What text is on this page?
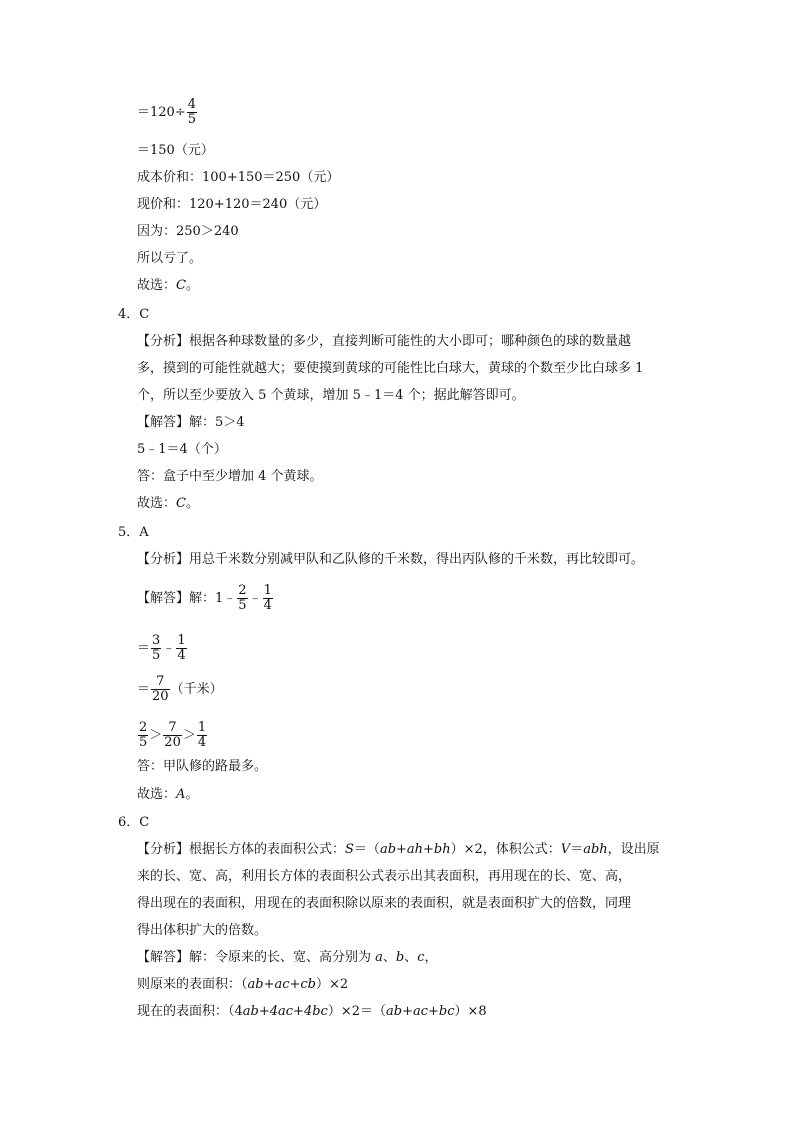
$=120\div \frac{4}{5}$
＝150（元）
成本价和：100+150＝250（元）
现价和：120+120＝240（元）
因为：250＞240
所以亏了。
故选：C。
4．C
【分析】根据各种球数量的多少，直接判断可能性的大小即可；哪种颜色的球的数量越
多，摸到的可能性就越大；要使摸到黄球的可能性比白球大，黄球的个数至少比白球多 1
个，所以至少要放入 5 个黄球，增加 5﹣1＝4 个；据此解答即可。
【解答】解：5＞4
5﹣1＝4（个）
答：盒子中至少增加 4 个黄球。
故选：C。
5．A
【分析】用总千米数分别减甲队和乙队修的千米数，得出丙队修的千米数，再比较即可。
【解答】解：1﹣ $\frac{2}{5}$ ﹣ $\frac{1}{4}$
＝ $\frac{3}{5}$ ﹣ $\frac{1}{4}$
＝ $\frac{7}{20}$ （千米）
$\frac{2}{5} > \frac{7}{20} > \frac{1}{4}$
答：甲队修的路最多。
故选：A。
6．C
【分析】根据长方体的表面积公式：S＝（ab+ah+bh）×2，体积公式：V＝abh，设出原
来的长、宽、高，利用长方体的表面积公式表示出其表面积，再用现在的长、宽、高，
得出现在的表面积，用现在的表面积除以原来的表面积，就是表面积扩大的倍数，同理
得出体积扩大的倍数。
【解答】解：令原来的长、宽、高分别为 a、b、c，
则原来的表面积：（ab+ac+cb）×2
现在的表面积：（4ab+4ac+4bc）×2＝（ab+ac+bc）×8
